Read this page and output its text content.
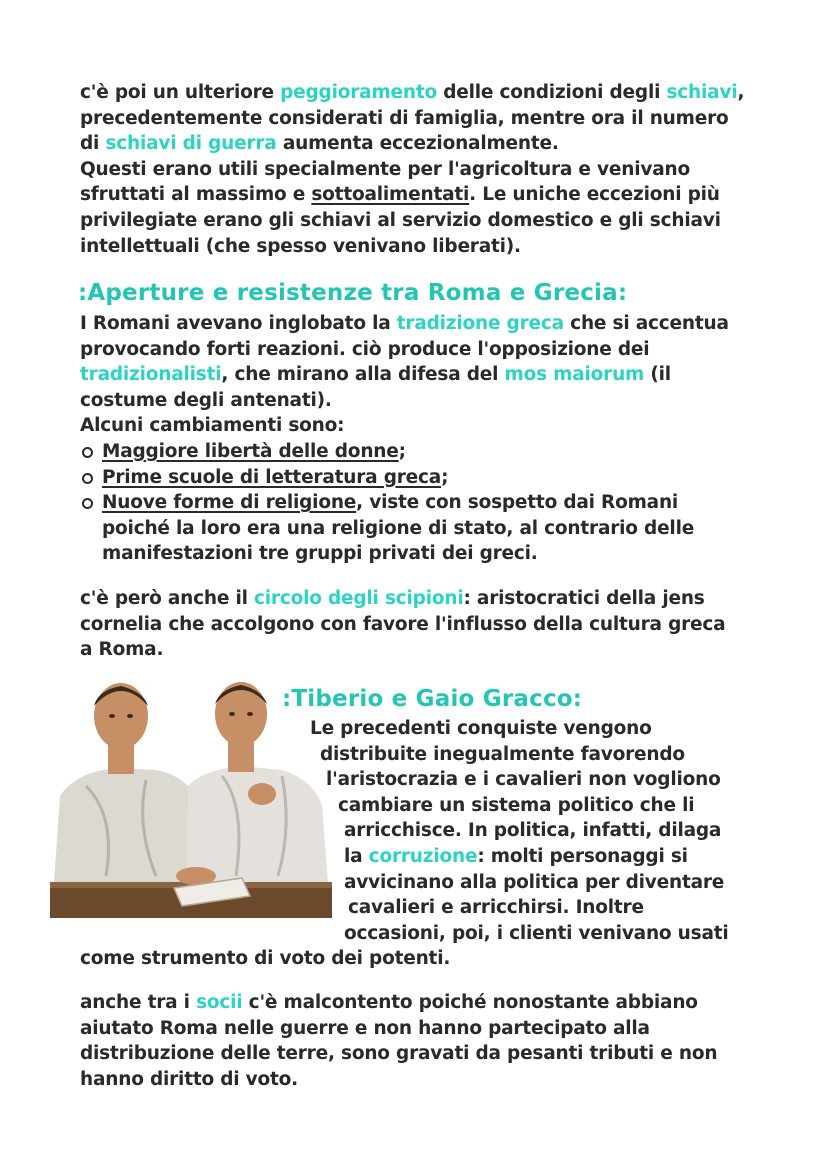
c'è poi un ulteriore peggioramento delle condizioni degli schiavi,
precedentemente considerati di famiglia, mentre ora il numero
di schiavi di guerra aumenta eccezionalmente.
Questi erano utili specialmente per l'agricoltura e venivano
sfruttati al massimo e sottoalimentati. Le uniche eccezioni più
privilegiate erano gli schiavi al servizio domestico e gli schiavi
intellettuali (che spesso venivano liberati).
:Aperture e resistenze tra Roma e Grecia:
I Romani avevano inglobato la tradizione greca che si accentua
provocando forti reazioni. ciò produce l'opposizione dei
tradizionalisti, che mirano alla difesa del mos maiorum (il
costume degli antenati).
Alcuni cambiamenti sono:
Maggiore libertà delle donne;
Prime scuole di letteratura greca;
Nuove forme di religione, viste con sospetto dai Romani
poiché la loro era una religione di stato, al contrario delle
manifestazioni tre gruppi privati dei greci.
c'è però anche il circolo degli scipioni: aristocratici della jens
cornelia che accolgono con favore l'influsso della cultura greca
a Roma.
:Tiberio e Gaio Gracco:
Le precedenti conquiste vengono
distribuite inegualmente favorendo
l'aristocrazia e i cavalieri non vogliono
cambiare un sistema politico che li
arricchisce. In politica, infatti, dilaga
la corruzione: molti personaggi si
avvicinano alla politica per diventare
cavalieri e arricchirsi. Inoltre
occasioni, poi, i clienti venivano usati
come strumento di voto dei potenti.
anche tra i socii c'è malcontento poiché nonostante abbiano
aiutato Roma nelle guerre e non hanno partecipato alla
distribuzione delle terre, sono gravati da pesanti tributi e non
hanno diritto di voto.
